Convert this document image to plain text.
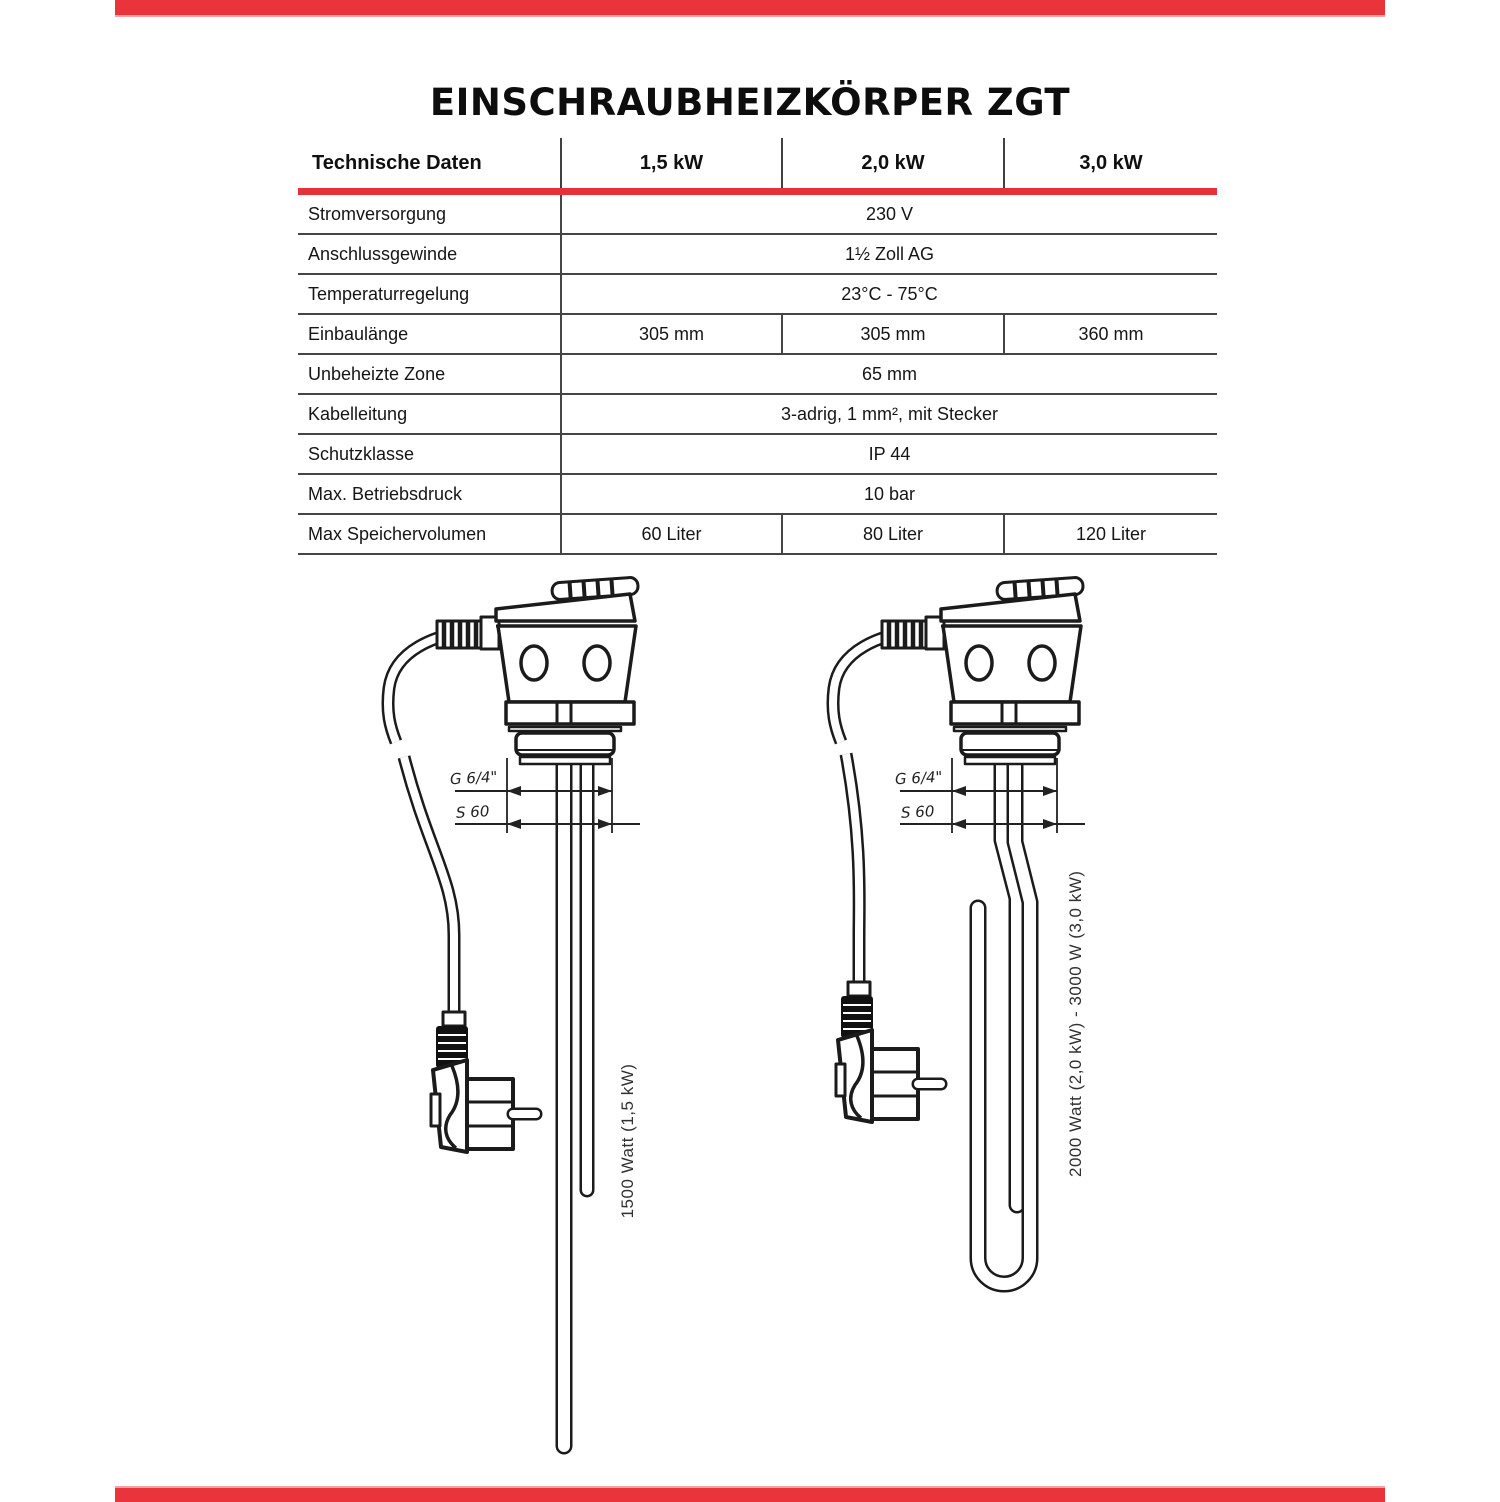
EINSCHRAUBHEIZKÖRPER ZGT
Technische Daten	1,5 kW	2,0 kW	3,0 kW
Stromversorgung	230 V		
Anschlussgewinde	1½ Zoll AG		
Temperaturregelung	23°C - 75°C		
Einbaulänge	305 mm	305 mm	360 mm
Unbeheizte Zone	65 mm		
Kabelleitung	3-adrig, 1 mm², mit Stecker		
Schutzklasse	IP 44		
Max. Betriebsdruck	10 bar		
Max Speichervolumen	60 Liter	80 Liter	120 Liter
G 6/4"
S 60
G 6/4"
S 60
1500 Watt (1,5 kW)	2000 Watt (2,0 kW) - 3000 W (3,0 kW)
